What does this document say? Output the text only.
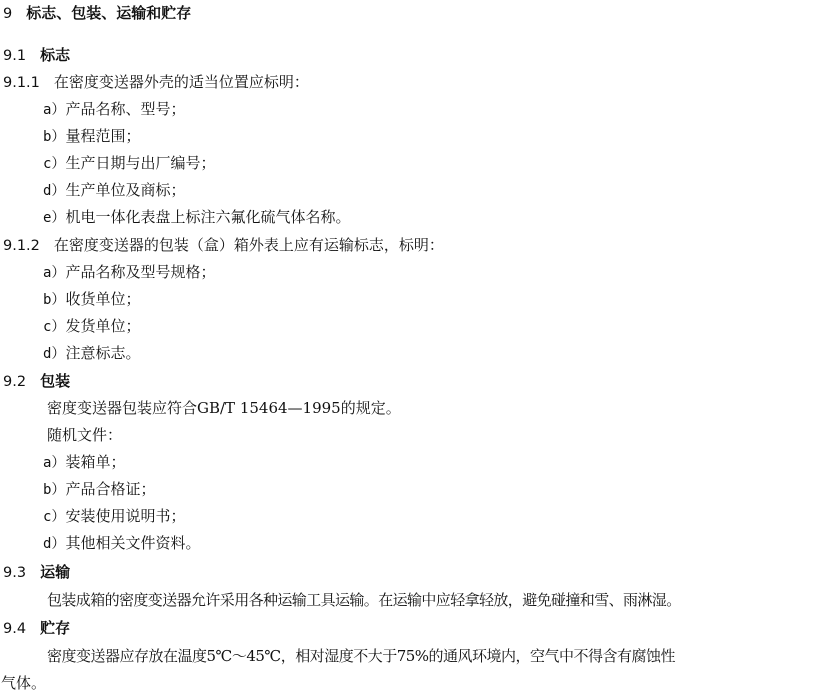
9 标志、包装、运输和贮存
9.1 标志
9.1.1 在密度变送器外壳的适当位置应标明：
a）产品名称、型号；
b）量程范围；
c）生产日期与出厂编号；
d）生产单位及商标；
e）机电一体化表盘上标注六氟化硫气体名称。
9.1.2 在密度变送器的包装（盒）箱外表上应有运输标志，标明：
a）产品名称及型号规格；
b）收货单位；
c）发货单位；
d）注意标志。
9.2 包装
密度变送器包装应符合GB/T 15464—1995的规定。
随机文件：
a）装箱单；
b）产品合格证；
c）安装使用说明书；
d）其他相关文件资料。
9.3 运输
包装成箱的密度变送器允许采用各种运输工具运输。在运输中应轻拿轻放，避免碰撞和雪、雨淋湿。
9.4 贮存
密度变送器应存放在温度5℃～45℃，相对湿度不大于75%的通风环境内，空气中不得含有腐蚀性
气体。
